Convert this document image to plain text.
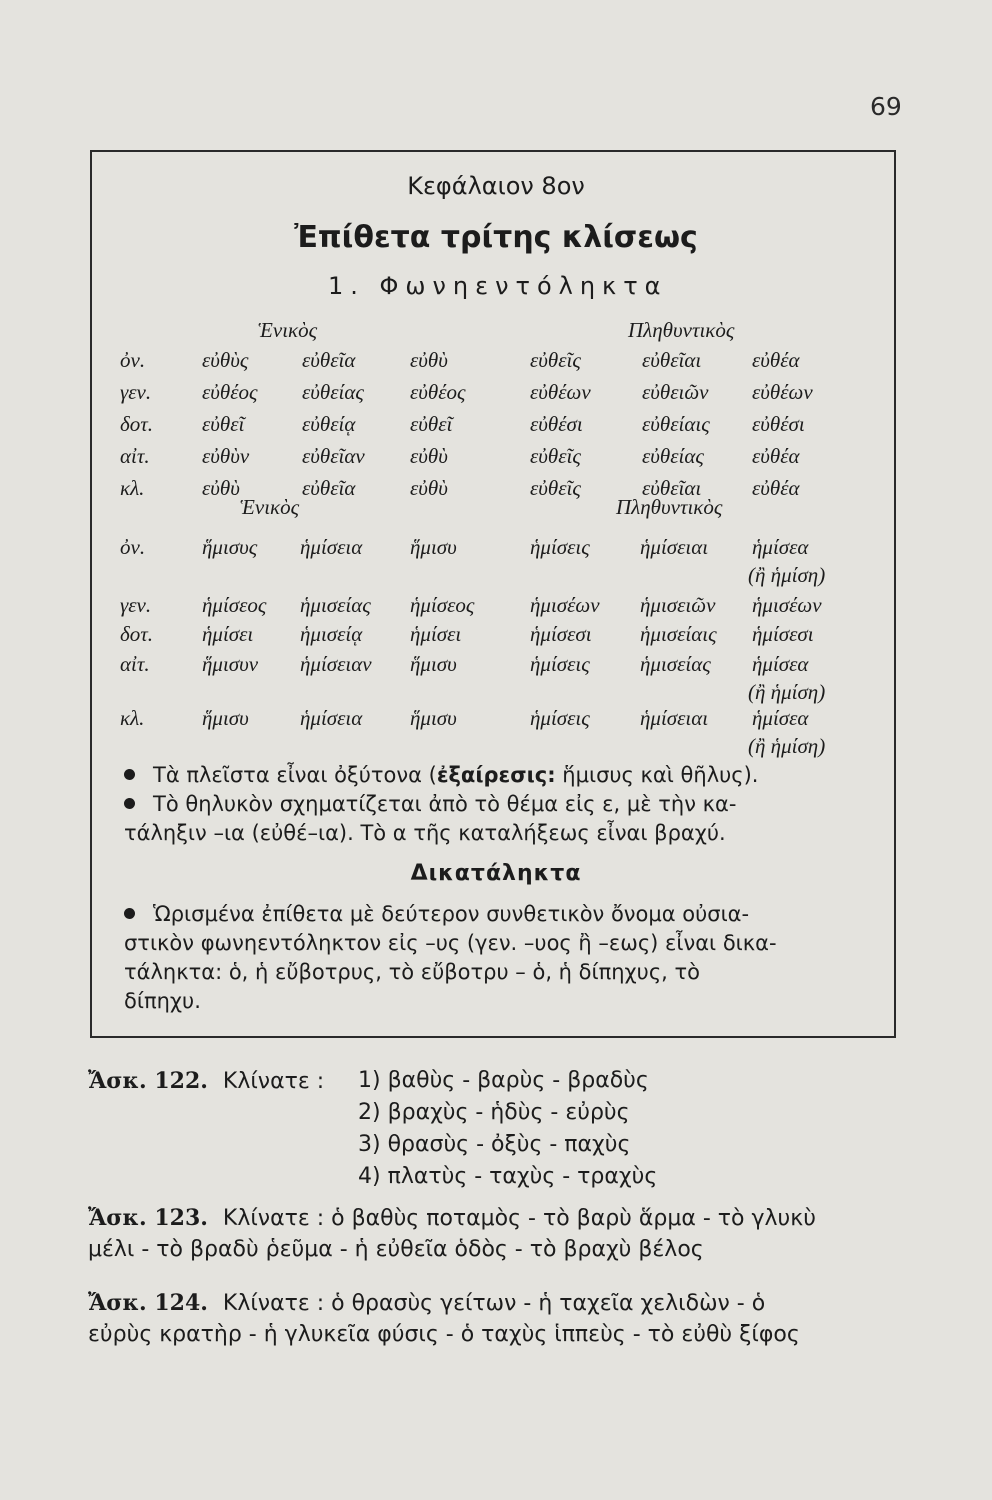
69
Κεφάλαιον 8ον
Ἐπίθετα τρίτης κλίσεως
1. Φωνηεντόληκτα
Ἑνικὸς	Πληθυντικὸς
ὀν.	εὐθὺς	εὐθεῖα	εὐθὺ	εὐθεῖς	εὐθεῖαι εὐθέα
γεν. εὐθέος εὐθείας εὐθέος	εὐθέων εὐθειῶν εὐθέων
δοτ. εὐθεῖ	εὐθείᾳ	εὐθεῖ	εὐθέσι	εὐθείαις εὐθέσι
αἰτ. εὐθὺν	εὐθεῖαν εὐθὺ	εὐθεῖς	εὐθείας εὐθέα
κλ.	εὐθὺ	εὐθεῖα	εὐθὺ	εὐθεῖς	εὐθεῖαι εὐθέα
Ἑνικὸς	Πληθυντικὸς
ὀν.	ἥμισυς ἡμίσεια ἥμισυ	ἡμίσεις ἡμίσειαι ἡμίσεα
(ἢ ἡμίση)
γεν. ἡμίσεος ἡμισείας ἡμίσεος	ἡμισέων ἡμισειῶν ἡμισέων
δοτ. ἡμίσει ἡμισείᾳ ἡμίσει	ἡμίσεσι ἡμισείαις ἡμίσεσι
αἰτ. ἥμισυν ἡμίσειαν ἥμισυ	ἡμίσεις ἡμισείας ἡμίσεα
(ἢ ἡμίση)
κλ.	ἥμισυ ἡμίσεια ἥμισυ	ἡμίσεις ἡμίσειαι ἡμίσεα
(ἢ ἡμίση)
Τὰ πλεῖστα εἶναι ὀξύτονα (ἐξαίρεσις: ἥμισυς καὶ θῆλυς).
Τὸ θηλυκὸν σχηματίζεται ἀπὸ τὸ θέμα εἰς ε, μὲ τὴν κα-
τάληξιν –ια (εὐθέ–ια). Τὸ α τῆς καταλήξεως εἶναι βραχύ.
Δικατάληκτα
Ὡρισμένα ἐπίθετα μὲ δεύτερον συνθετικὸν ὄνομα οὐσια-
στικὸν φωνηεντόληκτον εἰς –υς (γεν. –υος ἢ –εως) εἶναι δικα-
τάληκτα: ὁ, ἡ εὔβοτρυς, τὸ εὔβοτρυ – ὁ, ἡ δίπηχυς, τὸ
δίπηχυ.
Ἄσκ. 122. Κλίνατε : 1) βαθὺς - βαρὺς - βραδὺς
2) βραχὺς - ἡδὺς - εὐρὺς
3) θρασὺς - ὀξὺς - παχὺς
4) πλατὺς - ταχὺς - τραχὺς
Ἄσκ. 123. Κλίνατε : ὁ βαθὺς ποταμὸς - τὸ βαρὺ ἅρμα - τὸ γλυκὺ
μέλι - τὸ βραδὺ ῥεῦμα - ἡ εὐθεῖα ὁδὸς - τὸ βραχὺ βέλος
Ἄσκ. 124. Κλίνατε : ὁ θρασὺς γείτων - ἡ ταχεῖα χελιδὼν - ὁ
εὐρὺς κρατὴρ - ἡ γλυκεῖα φύσις - ὁ ταχὺς ἱππεὺς - τὸ εὐθὺ ξίφος
